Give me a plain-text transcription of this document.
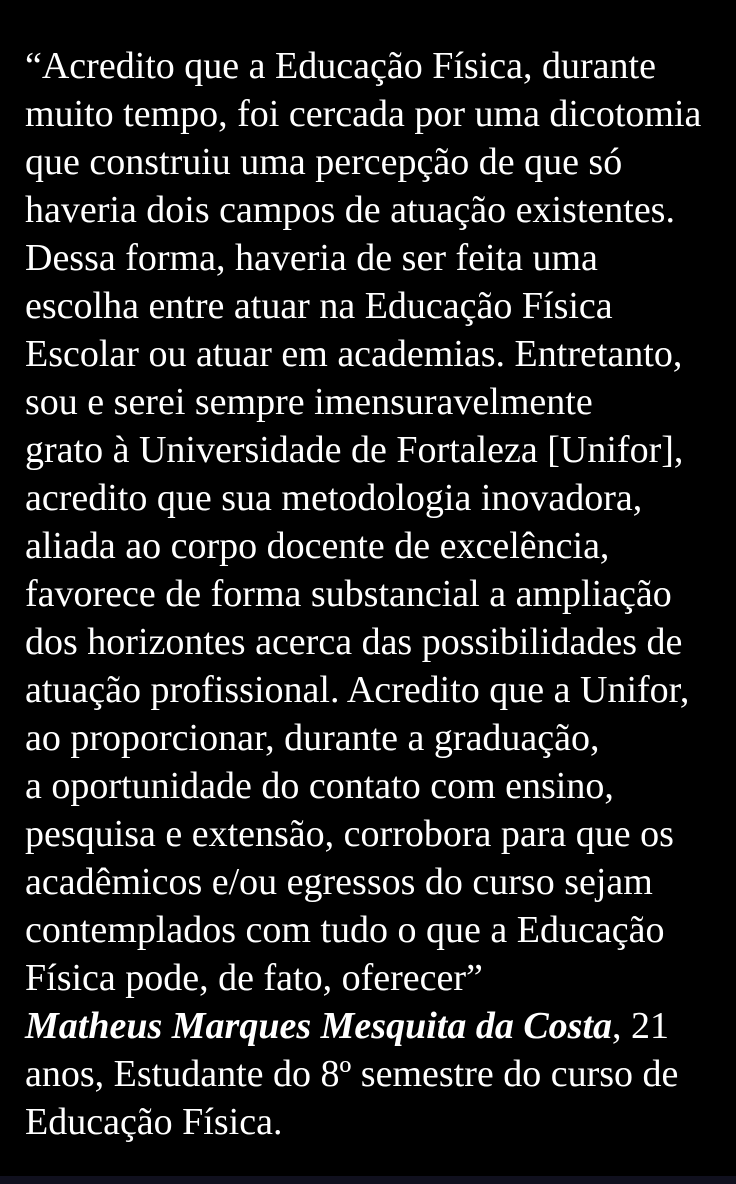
“Acredito que a Educação Física, durante
muito tempo, foi cercada por uma dicotomia
que construiu uma percepção de que só
haveria dois campos de atuação existentes.
Dessa forma, haveria de ser feita uma
escolha entre atuar na Educação Física
Escolar ou atuar em academias. Entretanto,
sou e serei sempre imensuravelmente
grato à Universidade de Fortaleza [Unifor],
acredito que sua metodologia inovadora,
aliada ao corpo docente de excelência,
favorece de forma substancial a ampliação
dos horizontes acerca das possibilidades de
atuação profissional. Acredito que a Unifor,
ao proporcionar, durante a graduação,
a oportunidade do contato com ensino,
pesquisa e extensão, corrobora para que os
acadêmicos e/ou egressos do curso sejam
contemplados com tudo o que a Educação
Física pode, de fato, oferecer”
Matheus Marques Mesquita da Costa, 21
anos, Estudante do 8º semestre do curso de
Educação Física.
